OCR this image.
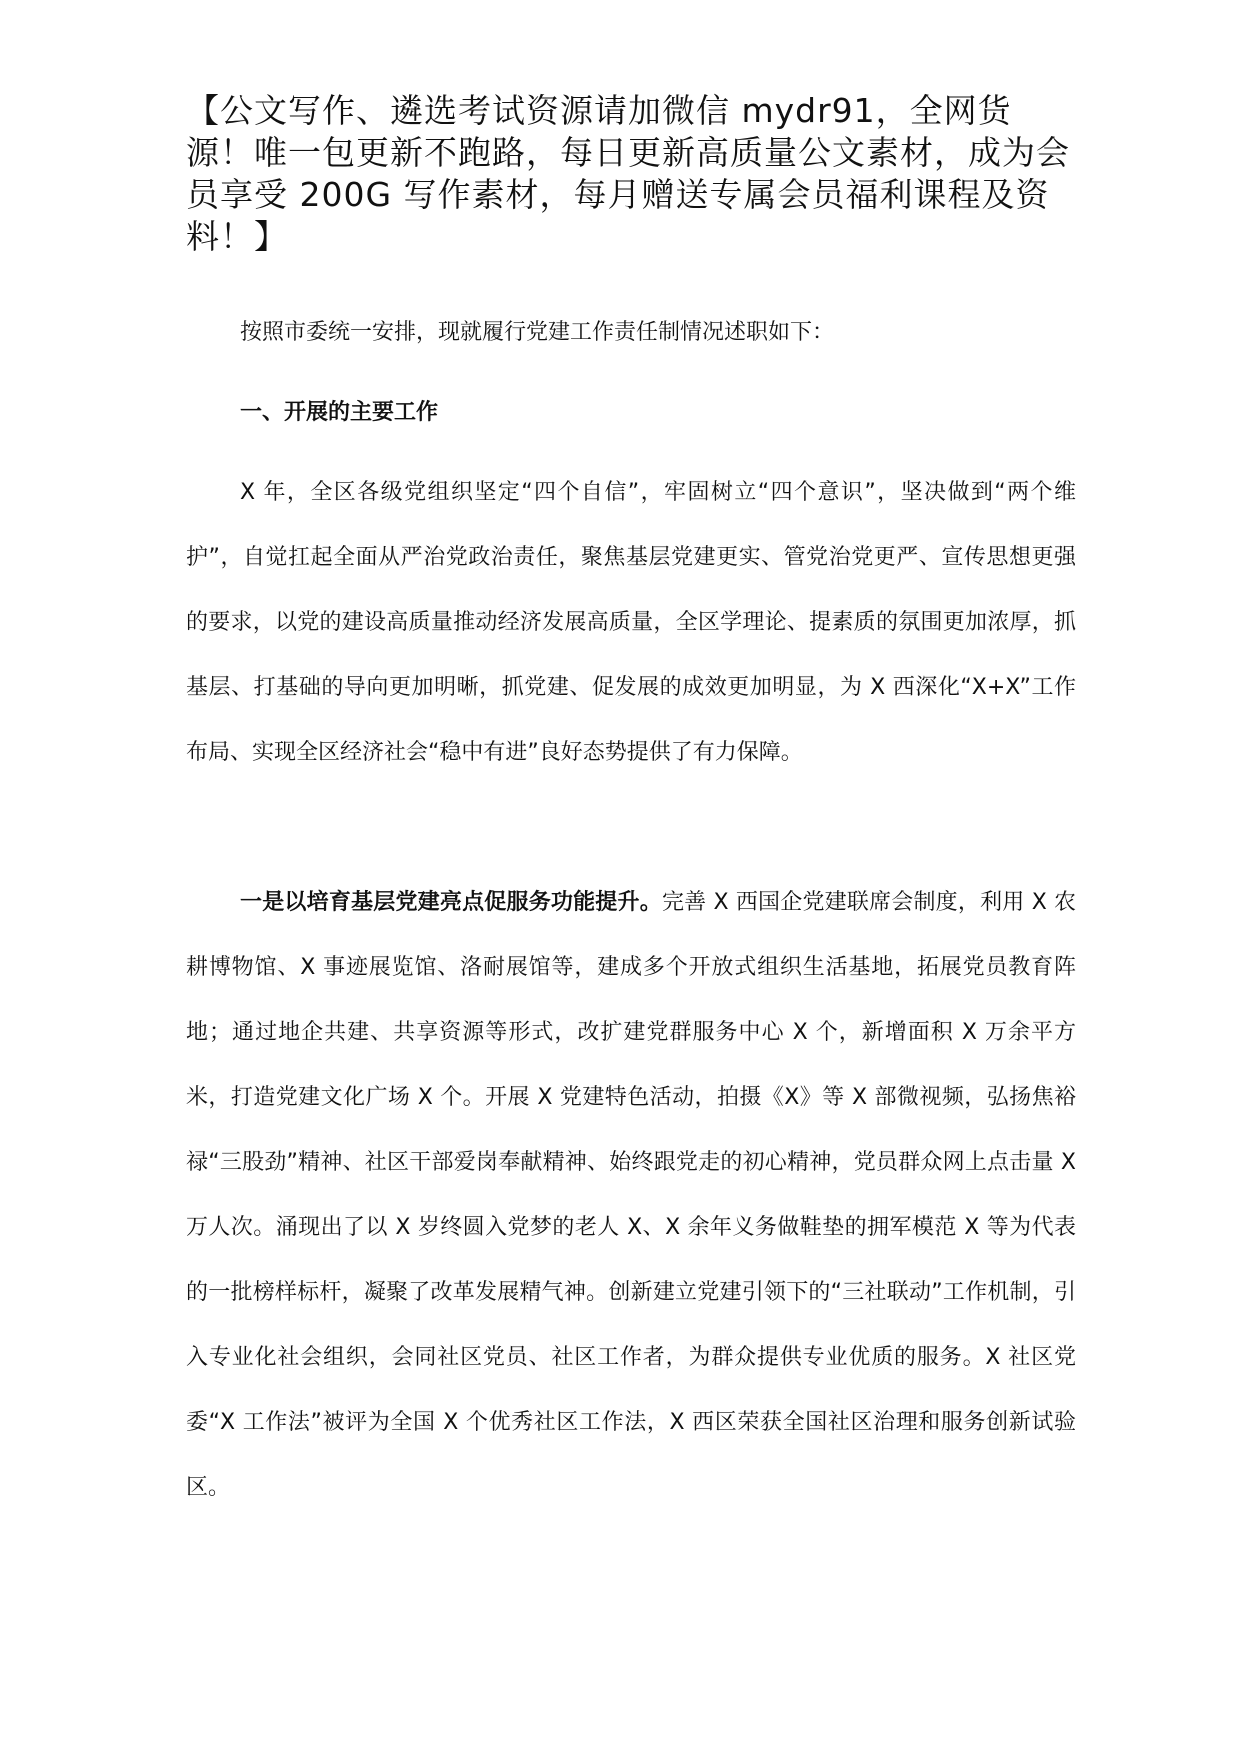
【公文写作、遴选考试资源请加微信 mydr91，全网货源！唯一包更新不跑路，每日更新高质量公文素材，成为会员享受 200G 写作素材，每月赠送专属会员福利课程及资料！】

按照市委统一安排，现就履行党建工作责任制情况述职如下：

一、开展的主要工作

X 年，全区各级党组织坚定“四个自信”，牢固树立“四个意识”，坚决做到“两个维护”，自觉扛起全面从严治党政治责任，聚焦基层党建更实、管党治党更严、宣传思想更强的要求，以党的建设高质量推动经济发展高质量，全区学理论、提素质的氛围更加浓厚，抓基层、打基础的导向更加明晰，抓党建、促发展的成效更加明显，为 X 西深化“X+X”工作布局、实现全区经济社会“稳中有进”良好态势提供了有力保障。

一是以培育基层党建亮点促服务功能提升。完善 X 西国企党建联席会制度，利用 X 农耕博物馆、X 事迹展览馆、洛耐展馆等，建成多个开放式组织生活基地，拓展党员教育阵地；通过地企共建、共享资源等形式，改扩建党群服务中心 X 个，新增面积 X 万余平方米，打造党建文化广场 X 个。开展 X 党建特色活动，拍摄《X》等 X 部微视频，弘扬焦裕禄“三股劲”精神、社区干部爱岗奉献精神、始终跟党走的初心精神，党员群众网上点击量 X 万人次。涌现出了以 X 岁终圆入党梦的老人 X、X 余年义务做鞋垫的拥军模范 X 等为代表的一批榜样标杆，凝聚了改革发展精气神。创新建立党建引领下的“三社联动”工作机制，引入专业化社会组织，会同社区党员、社区工作者，为群众提供专业优质的服务。X 社区党委“X 工作法”被评为全国 X 个优秀社区工作法，X 西区荣获全国社区治理和服务创新试验区。
